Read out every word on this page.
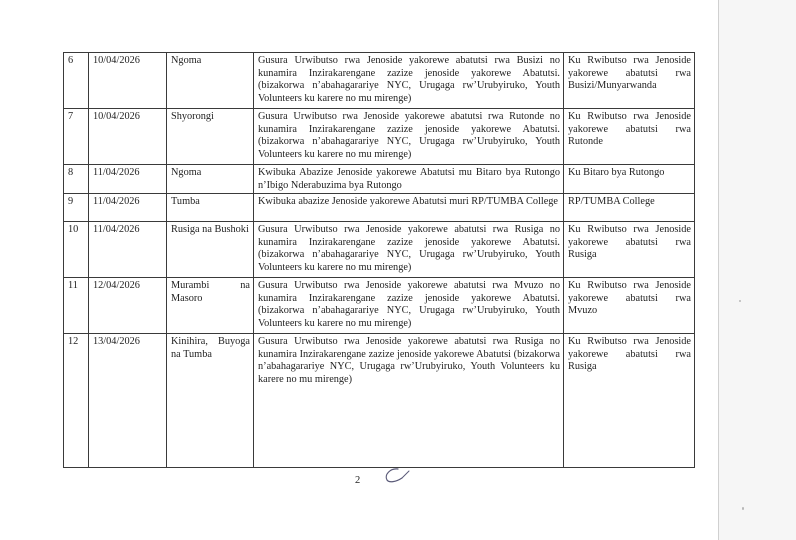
6	10/04/2026	Ngoma	Gusura Urwibutso rwa Jenoside yakorewe abatutsi rwa Busizi no kunamira Inzirakarengane zazize jenoside yakorewe Abatutsi. (bizakorwa n’abahagarariye NYC, Urugaga rw’Urubyiruko, Youth Volunteers ku karere no mu mirenge)	Ku Rwibutso rwa Jenoside yakorewe abatutsi rwa Busizi/Munyarwanda
7	10/04/2026	Shyorongi	Gusura Urwibutso rwa Jenoside yakorewe abatutsi rwa Rutonde no kunamira Inzirakarengane zazize jenoside yakorewe Abatutsi. (bizakorwa n’abahagarariye NYC, Urugaga rw’Urubyiruko, Youth Volunteers ku karere no mu mirenge)	Ku Rwibutso rwa Jenoside yakorewe abatutsi rwa Rutonde
8	11/04/2026	Ngoma	Kwibuka Abazize Jenoside yakorewe Abatutsi mu Bitaro bya Rutongo n’Ibigo Nderabuzima bya Rutongo	Ku Bitaro bya Rutongo
9	11/04/2026	Tumba	Kwibuka abazize Jenoside yakorewe Abatutsi muri RP/TUMBA College	RP/TUMBA College
10	11/04/2026	Rusiga na Bushoki	Gusura Urwibutso rwa Jenoside yakorewe abatutsi rwa Rusiga no kunamira Inzirakarengane zazize jenoside yakorewe Abatutsi. (bizakorwa n’abahagarariye NYC, Urugaga rw’Urubyiruko, Youth Volunteers ku karere no mu mirenge)	Ku Rwibutso rwa Jenoside yakorewe abatutsi rwa Rusiga
11	12/04/2026	Murambi na Masoro	Gusura Urwibutso rwa Jenoside yakorewe abatutsi rwa Mvuzo no kunamira Inzirakarengane zazize jenoside yakorewe Abatutsi. (bizakorwa n’abahagarariye NYC, Urugaga rw’Urubyiruko, Youth Volunteers ku karere no mu mirenge)	Ku Rwibutso rwa Jenoside yakorewe abatutsi rwa Mvuzo
12	13/04/2026	Kinihira, Buyoga na Tumba	Gusura Urwibutso rwa Jenoside yakorewe abatutsi rwa Rusiga no kunamira Inzirakarengane zazize jenoside yakorewe Abatutsi (bizakorwa n’abahagarariye NYC, Urugaga rw’Urubyiruko, Youth Volunteers ku karere no mu mirenge)	Ku Rwibutso rwa Jenoside yakorewe abatutsi rwa Rusiga
2
